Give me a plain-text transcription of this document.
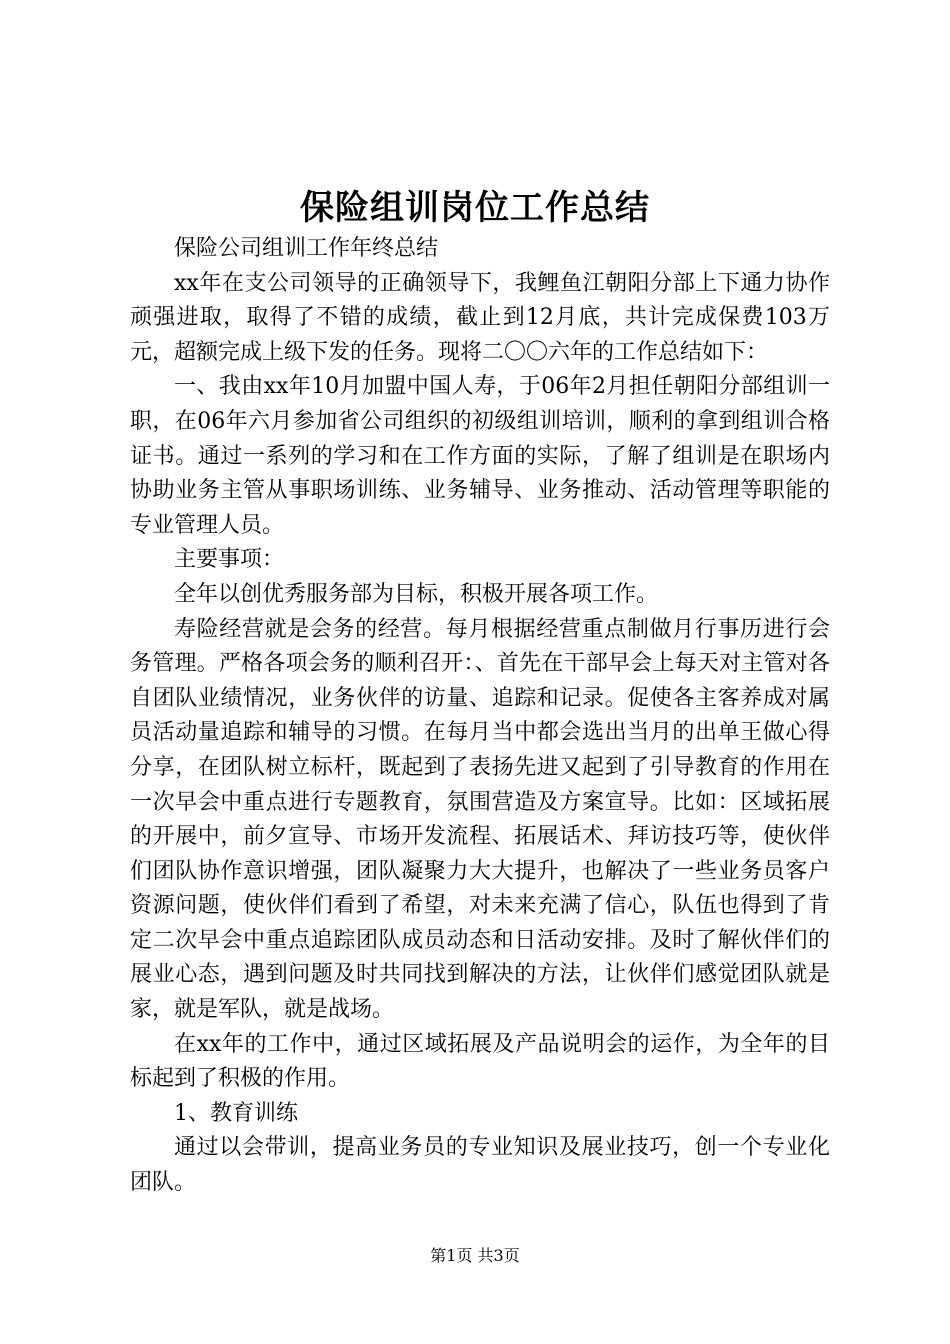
保险组训岗位工作总结

保险公司组训工作年终总结

xx年在支公司领导的正确领导下，我鲤鱼江朝阳分部上下通力协作顽强进取，取得了不错的成绩，截止到12月底，共计完成保费103万元，超额完成上级下发的任务。现将二〇〇六年的工作总结如下：

一、我由xx年10月加盟中国人寿，于06年2月担任朝阳分部组训一职，在06年六月参加省公司组织的初级组训培训，顺利的拿到组训合格证书。通过一系列的学习和在工作方面的实际，了解了组训是在职场内协助业务主管从事职场训练、业务辅导、业务推动、活动管理等职能的专业管理人员。

主要事项：

全年以创优秀服务部为目标，积极开展各项工作。

寿险经营就是会务的经营。每月根据经营重点制做月行事历进行会务管理。严格各项会务的顺利召开：、首先在干部早会上每天对主管对各自团队业绩情况，业务伙伴的访量、追踪和记录。促使各主客养成对属员活动量追踪和辅导的习惯。在每月当中都会选出当月的出单王做心得分享，在团队树立标杆，既起到了表扬先进又起到了引导教育的作用在一次早会中重点进行专题教育，氛围营造及方案宣导。比如：区域拓展的开展中，前夕宣导、市场开发流程、拓展话术、拜访技巧等，使伙伴们团队协作意识增强，团队凝聚力大大提升，也解决了一些业务员客户资源问题，使伙伴们看到了希望，对未来充满了信心，队伍也得到了肯定二次早会中重点追踪团队成员动态和日活动安排。及时了解伙伴们的展业心态，遇到问题及时共同找到解决的方法，让伙伴们感觉团队就是家，就是军队，就是战场。

在xx年的工作中，通过区域拓展及产品说明会的运作，为全年的目标起到了积极的作用。

1、教育训练

通过以会带训，提高业务员的专业知识及展业技巧，创一个专业化团队。

第1页 共3页
